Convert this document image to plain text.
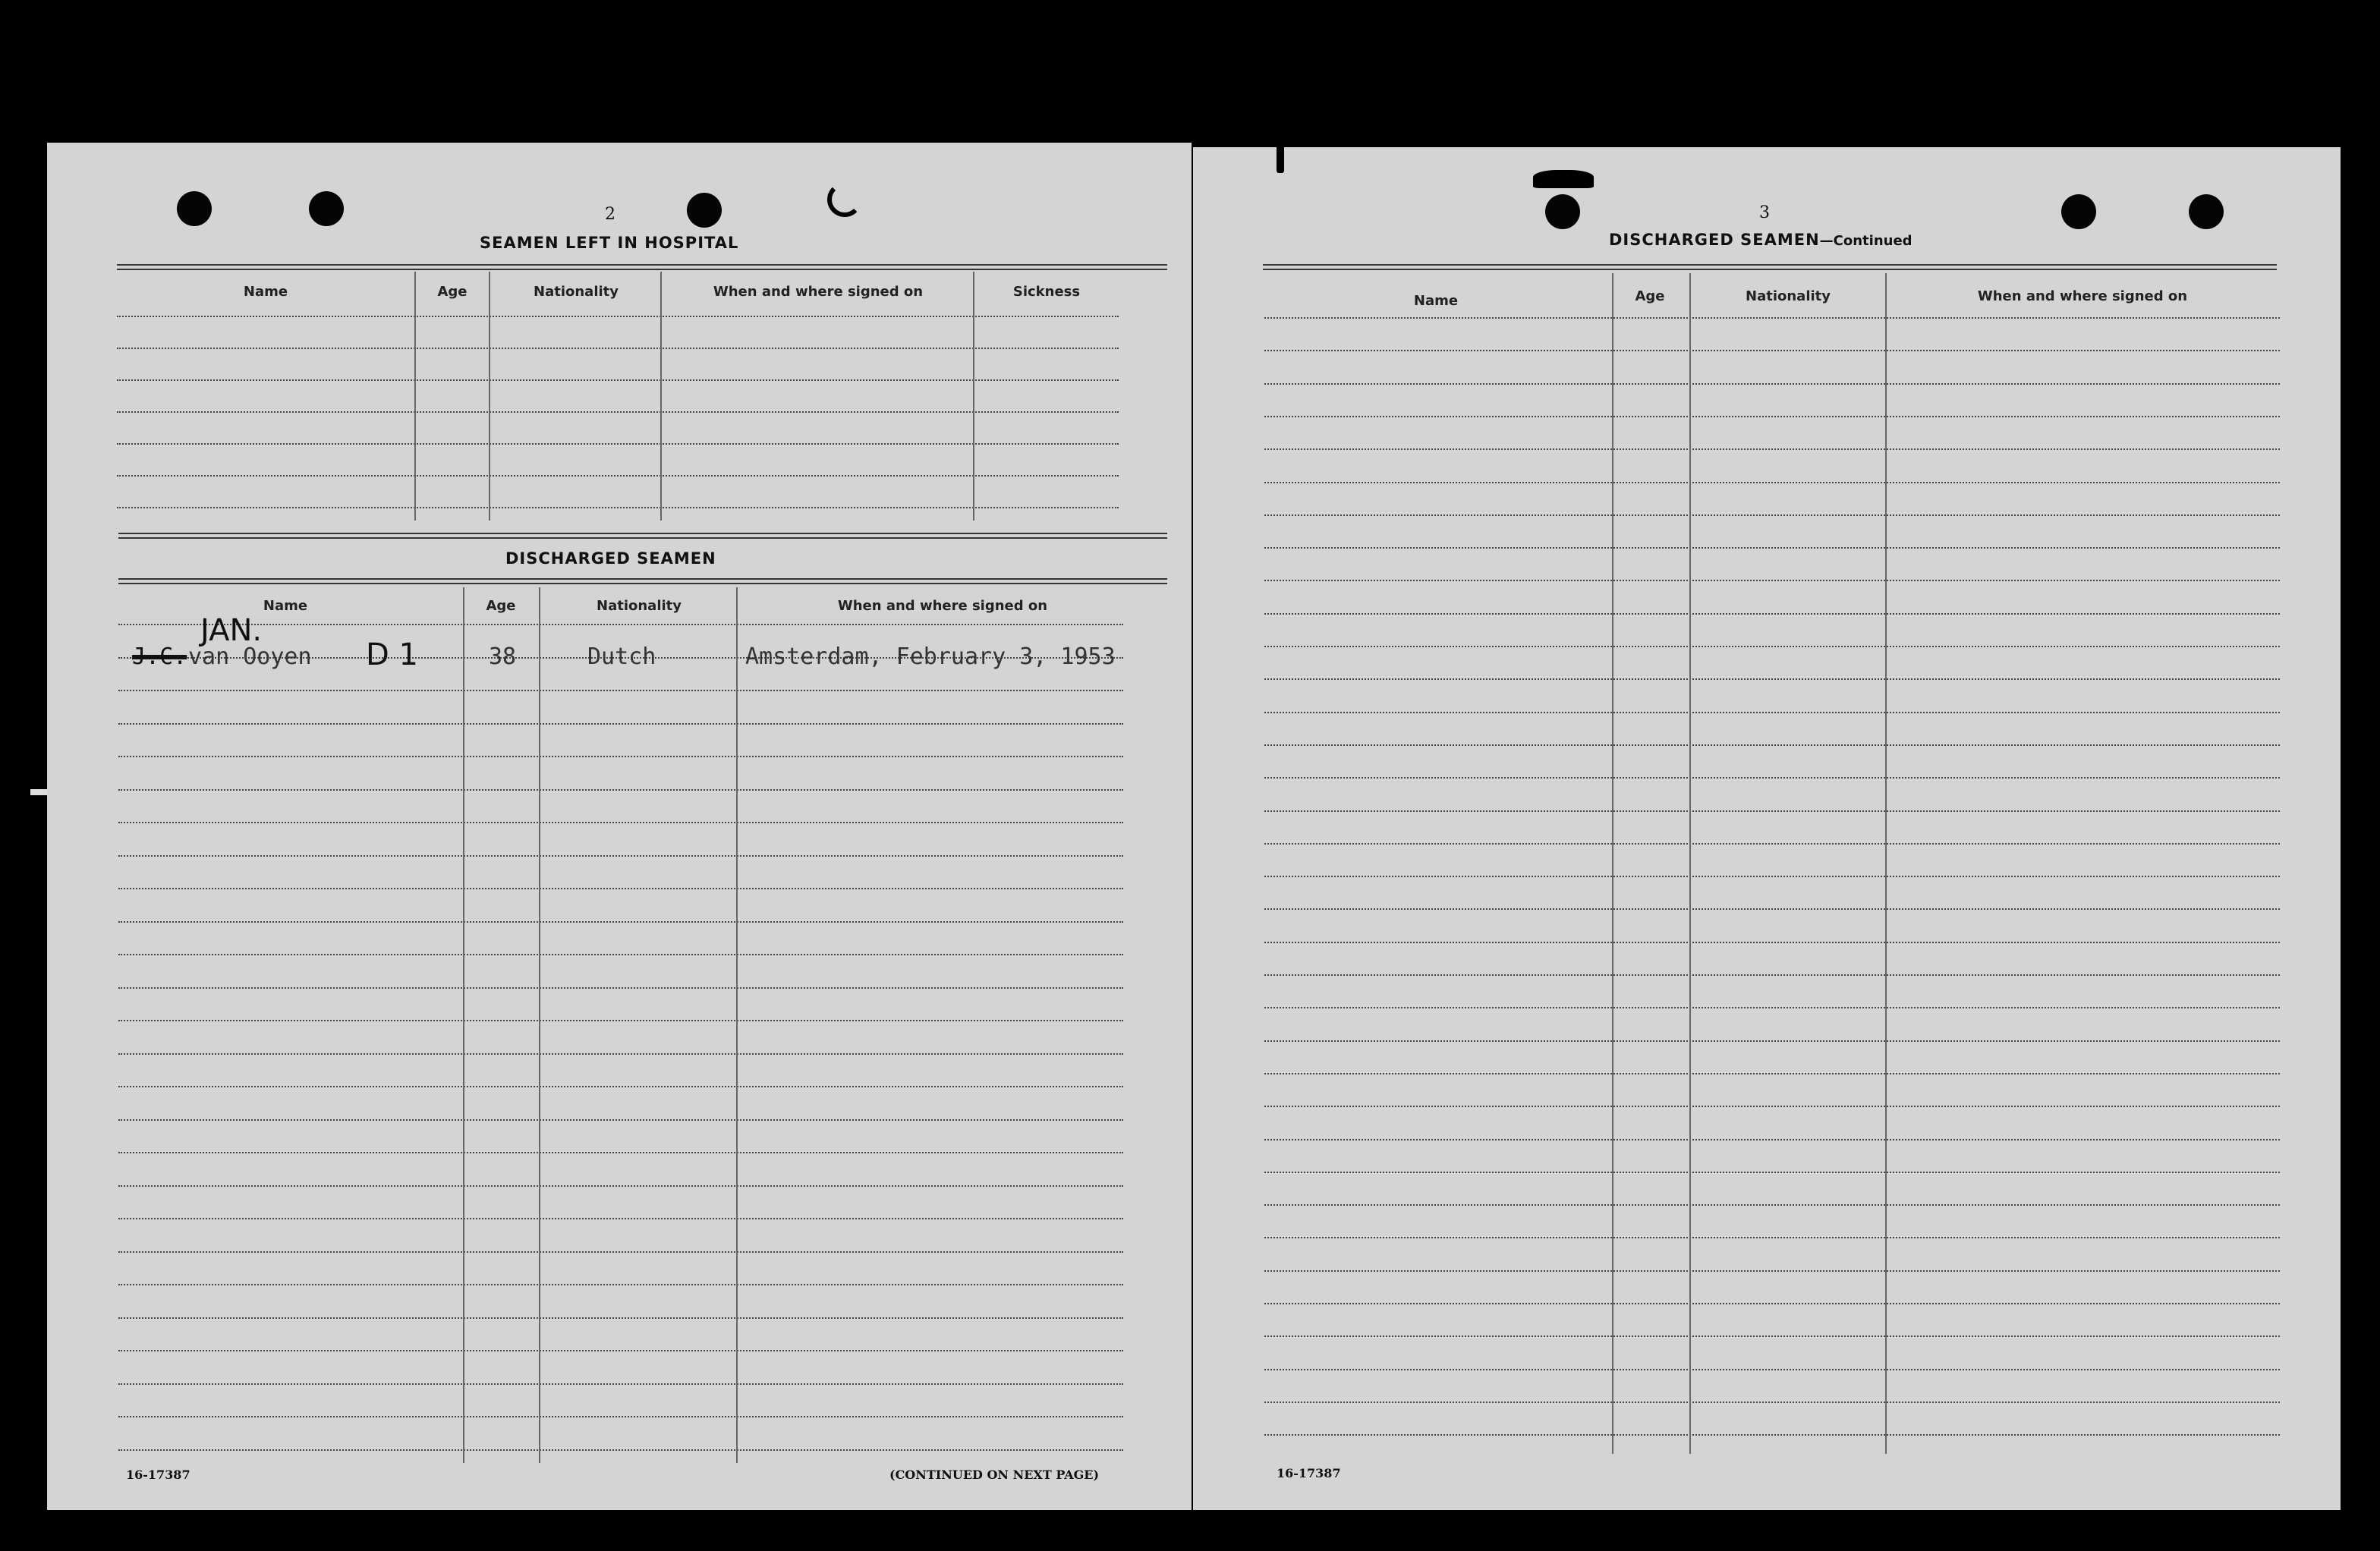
2
SEAMEN LEFT IN HOSPITAL
Name	Age	Nationality	When and where signed on	Sickness
DISCHARGED SEAMEN
Name	Age	Nationality	When and where signed on
JAN.
J.C. van Ooyen D 1	38	Dutch	Amsterdam, February 3, 1953
16-17387	(CONTINUED ON NEXT PAGE)
3
DISCHARGED SEAMEN—Continued
Name	Age	Nationality	When and where signed on
16-17387
